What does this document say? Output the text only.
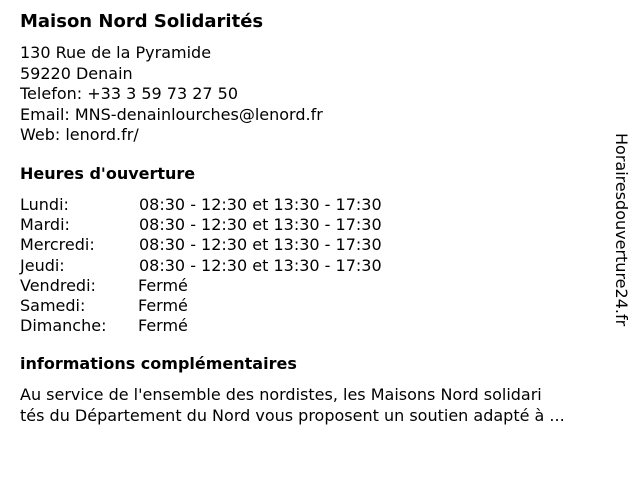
Maison Nord Solidarités
130 Rue de la Pyramide
59220 Denain
Telefon: +33 3 59 73 27 50
Email: MNS-denainlourches@lenord.fr
Web: lenord.fr/
Heures d'ouverture
Lundi:	08:30 - 12:30 et 13:30 - 17:30
Mardi:	08:30 - 12:30 et 13:30 - 17:30
Mercredi:	08:30 - 12:30 et 13:30 - 17:30
Jeudi:	08:30 - 12:30 et 13:30 - 17:30
Vendredi:	Fermé
Samedi:	Fermé
Dimanche: Fermé
informations complémentaires
Au service de l'ensemble des nordistes, les Maisons Nord solidari
tés du Département du Nord vous proposent un soutien adapté à ...
Horairesdouverture24.fr
